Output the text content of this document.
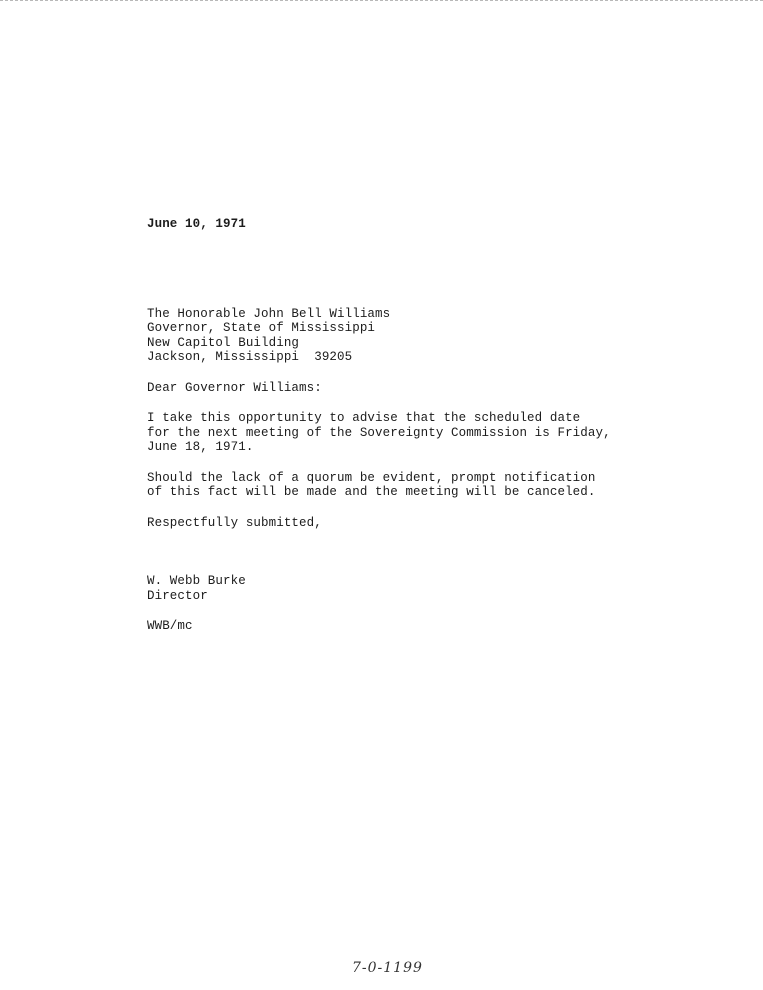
June 10, 1971
The Honorable John Bell Williams
Governor, State of Mississippi
New Capitol Building
Jackson, Mississippi  39205
Dear Governor Williams:
I take this opportunity to advise that the scheduled date
for the next meeting of the Sovereignty Commission is Friday,
June 18, 1971.
Should the lack of a quorum be evident, prompt notification
of this fact will be made and the meeting will be canceled.
Respectfully submitted,
W. Webb Burke
Director
WWB/mc
7-0-1199
